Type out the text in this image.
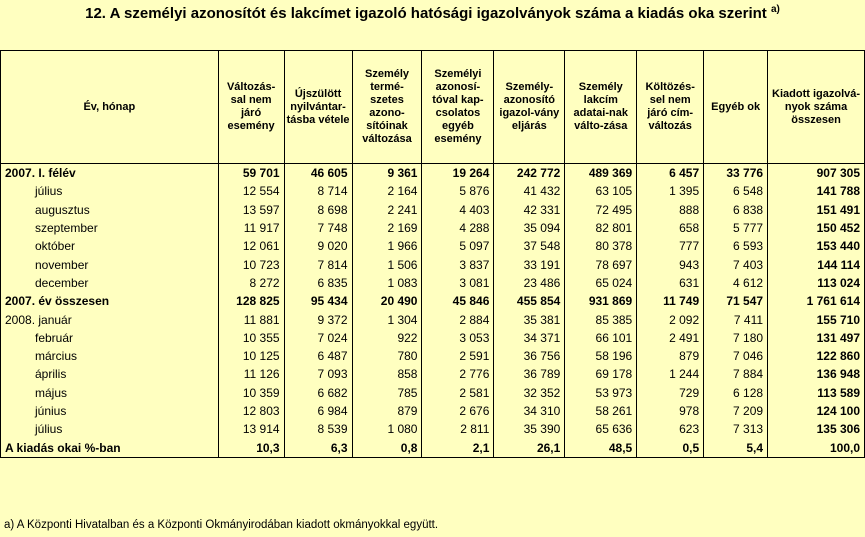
12. A személyi azonosítót és lakcímet igazoló hatósági igazolványok száma a kiadás oka szerint $^{a)}$
Év, hónap	Változás-sal nem járó esemény	Újszülött nyilvántar-tásba vétele	Személy termé-szetes azono-sítóinak változása	Személyi azonosí-tóval kap-csolatos egyéb esemény	Személy-azonosító igazol-vány eljárás	Személy lakcím adatai-nak válto-zása	Költözés-sel nem járó cím-változás	Egyéb ok	Kiadott igazolvá-nyok száma összesen
2007. I. félév	59 701	46 605	9 361	19 264	242 772	489 369	6 457	33 776	907 305
július	12 554	8 714	2 164	5 876	41 432	63 105	1 395	6 548	141 788
augusztus	13 597	8 698	2 241	4 403	42 331	72 495	888	6 838	151 491
szeptember	11 917	7 748	2 169	4 288	35 094	82 801	658	5 777	150 452
október	12 061	9 020	1 966	5 097	37 548	80 378	777	6 593	153 440
november	10 723	7 814	1 506	3 837	33 191	78 697	943	7 403	144 114
december	8 272	6 835	1 083	3 081	23 486	65 024	631	4 612	113 024
2007. év összesen	128 825	95 434	20 490	45 846	455 854	931 869	11 749	71 547	1 761 614
2008. január	11 881	9 372	1 304	2 884	35 381	85 385	2 092	7 411	155 710
február	10 355	7 024	922	3 053	34 371	66 101	2 491	7 180	131 497
március	10 125	6 487	780	2 591	36 756	58 196	879	7 046	122 860
április	11 126	7 093	858	2 776	36 789	69 178	1 244	7 884	136 948
május	10 359	6 682	785	2 581	32 352	53 973	729	6 128	113 589
június	12 803	6 984	879	2 676	34 310	58 261	978	7 209	124 100
július	13 914	8 539	1 080	2 811	35 390	65 636	623	7 313	135 306
A kiadás okai %-ban	10,3	6,3	0,8	2,1	26,1	48,5	0,5	5,4	100,0
a) A Központi Hivatalban és a Központi Okmányirodában kiadott okmányokkal együtt.
